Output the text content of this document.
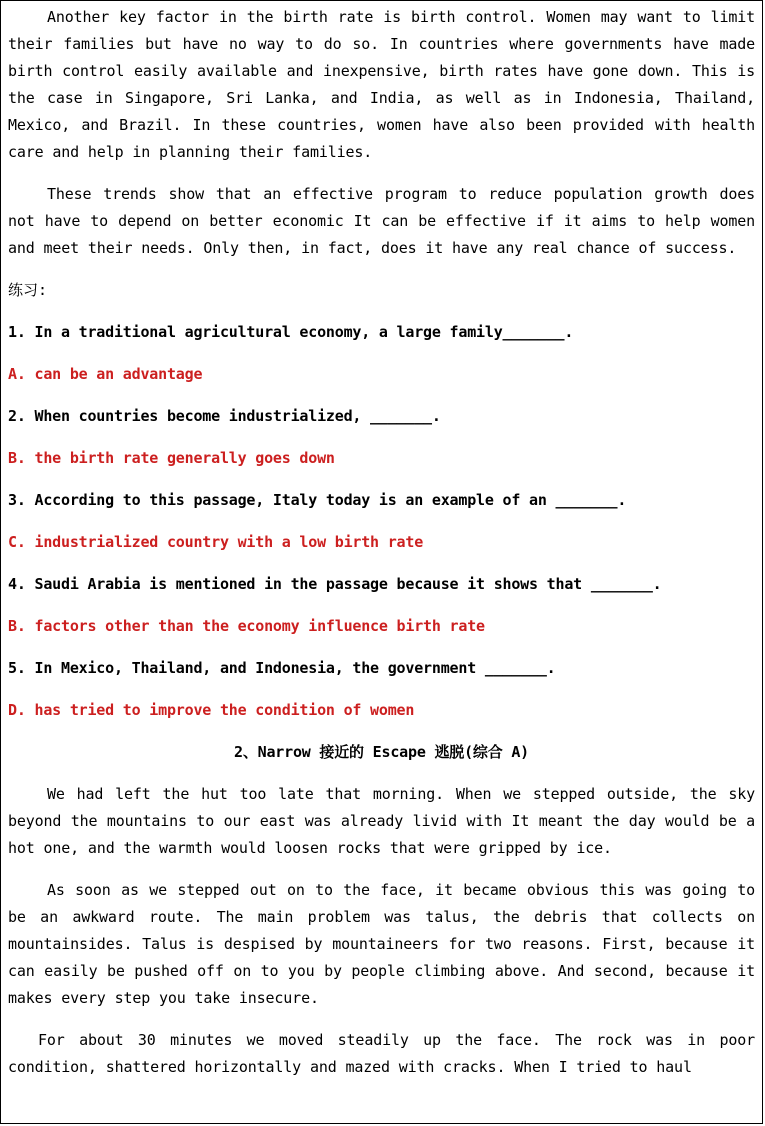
Another key factor in the birth rate is birth control. Women may want to limit their families but have no way to do so. In countries where governments have made birth control easily available and inexpensive, birth rates have gone down. This is the case in Singapore, Sri Lanka, and India, as well as in Indonesia, Thailand, Mexico, and Brazil. In these countries, women have also been provided with health care and help in planning their families.

These trends show that an effective program to reduce population growth does not have to depend on better economic It can be effective if it aims to help women and meet their needs. Only then, in fact, does it have any real chance of success.

练习:
1. In a traditional agricultural economy, a large family_______.
A. can be an advantage
2. When countries become industrialized, _______.
B. the birth rate generally goes down
3. According to this passage, Italy today is an example of an _______.
C. industrialized country with a low birth rate
4. Saudi Arabia is mentioned in the passage because it shows that _______.
B. factors other than the economy influence birth rate
5. In Mexico, Thailand, and Indonesia, the government _______.
D. has tried to improve the condition of women
2、Narrow 接近的 Escape 逃脱(综合 A)

We had left the hut too late that morning. When we stepped outside, the sky beyond the mountains to our east was already livid with It meant the day would be a hot one, and the warmth would loosen rocks that were gripped by ice.

As soon as we stepped out on to the face, it became obvious this was going to be an awkward route. The main problem was talus, the debris that collects on mountainsides. Talus is despised by mountaineers for two reasons. First, because it can easily be pushed off on to you by people climbing above. And second, because it makes every step you take insecure.

For about 30 minutes we moved steadily up the face. The rock was in poor condition, shattered horizontally and mazed with cracks. When I tried to haul
